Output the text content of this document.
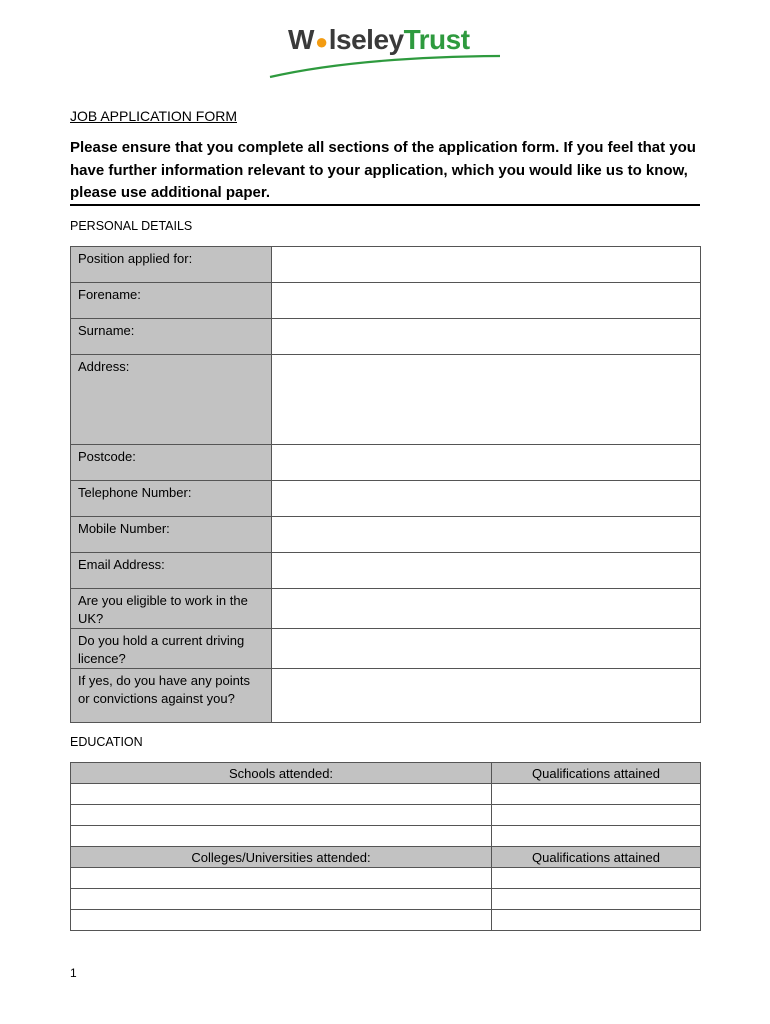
W●lseleyTrust
JOB APPLICATION FORM

Please ensure that you complete all sections of the application form. If you feel that you have further information relevant to your application, which you would like us to know, please use additional paper.

PERSONAL DETAILS
Position applied for:	
Forename:	
Surname:	
Address:	
Postcode:	
Telephone Number:	
Mobile Number:	
Email Address:	
Are you eligible to work in the UK?	
Do you hold a current driving licence?	
If yes, do you have any points or convictions against you?	
EDUCATION
Schools attended:	Qualifications attained

Colleges/Universities attended:	Qualifications attained

1
